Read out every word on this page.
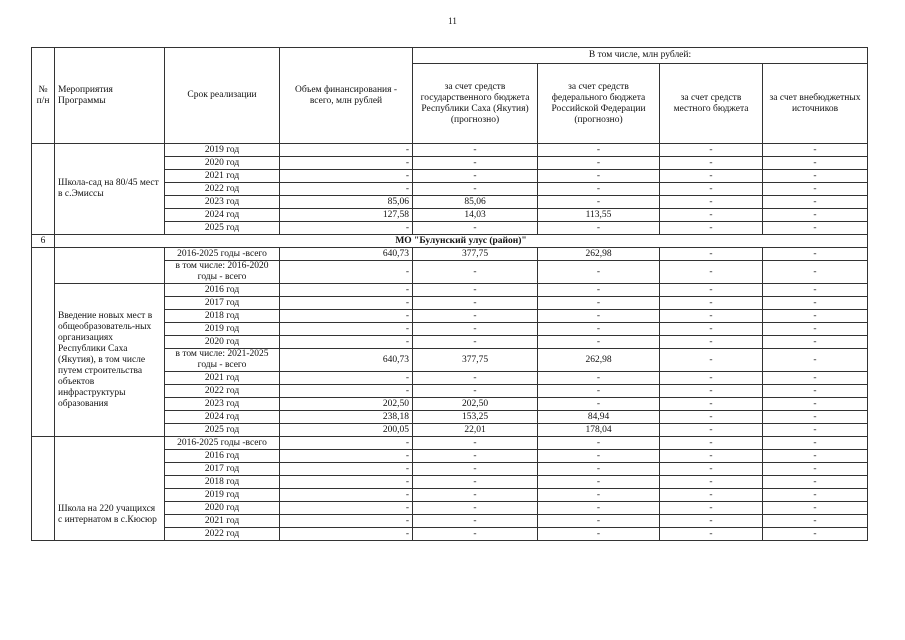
11
№ п/н	Мероприятия Программы	Срок реализации	Объем финансирования - всего, млн рублей	В том числе, млн рублей:			
				за счет средств государственного бюджета Республики Саха (Якутия) (прогнозно)	за счет средств федерального бюджета Российской Федерации (прогнозно)	за счет средств местного бюджета	за счет внебюджетных источников
	Школа-сад на 80/45 мест в с.Эмиссы	2019 год	-	-	-	-	-
		2020 год	-	-	-	-	-
		2021 год	-	-	-	-	-
		2022 год	-	-	-	-	-
		2023 год	85,06	85,06	-	-	-
		2024 год	127,58	14,03	113,55	-	-
		2025 год	-	-	-	-	-
6	МО "Булунский улус (район)"						
		2016-2025 годы -всего	640,73	377,75	262,98	-	-
		в том числе: 2016-2020 годы - всего	-	-	-	-	-
	Введение новых мест в общеобразователь-ных организациях Республики Саха (Якутия), в том числе путем строительства объектов инфраструктуры образования	2016 год	-	-	-	-	-
		2017 год	-	-	-	-	-
		2018 год	-	-	-	-	-
		2019 год	-	-	-	-	-
		2020 год	-	-	-	-	-
		в том числе: 2021-2025 годы - всего	640,73	377,75	262,98	-	-
		2021 год	-	-	-	-	-
		2022 год	-	-	-	-	-
		2023 год	202,50	202,50	-	-	-
		2024 год	238,18	153,25	84,94	-	-
		2025 год	200,05	22,01	178,04	-	-
	Школа на 220 учащихся с интернатом в с.Кюсюр	2016-2025 годы -всего	-	-	-	-	-
		2016 год	-	-	-	-	-
		2017 год	-	-	-	-	-
		2018 год	-	-	-	-	-
		2019 год	-	-	-	-	-
		2020 год	-	-	-	-	-
		2021 год	-	-	-	-	-
		2022 год	-	-	-	-	-
